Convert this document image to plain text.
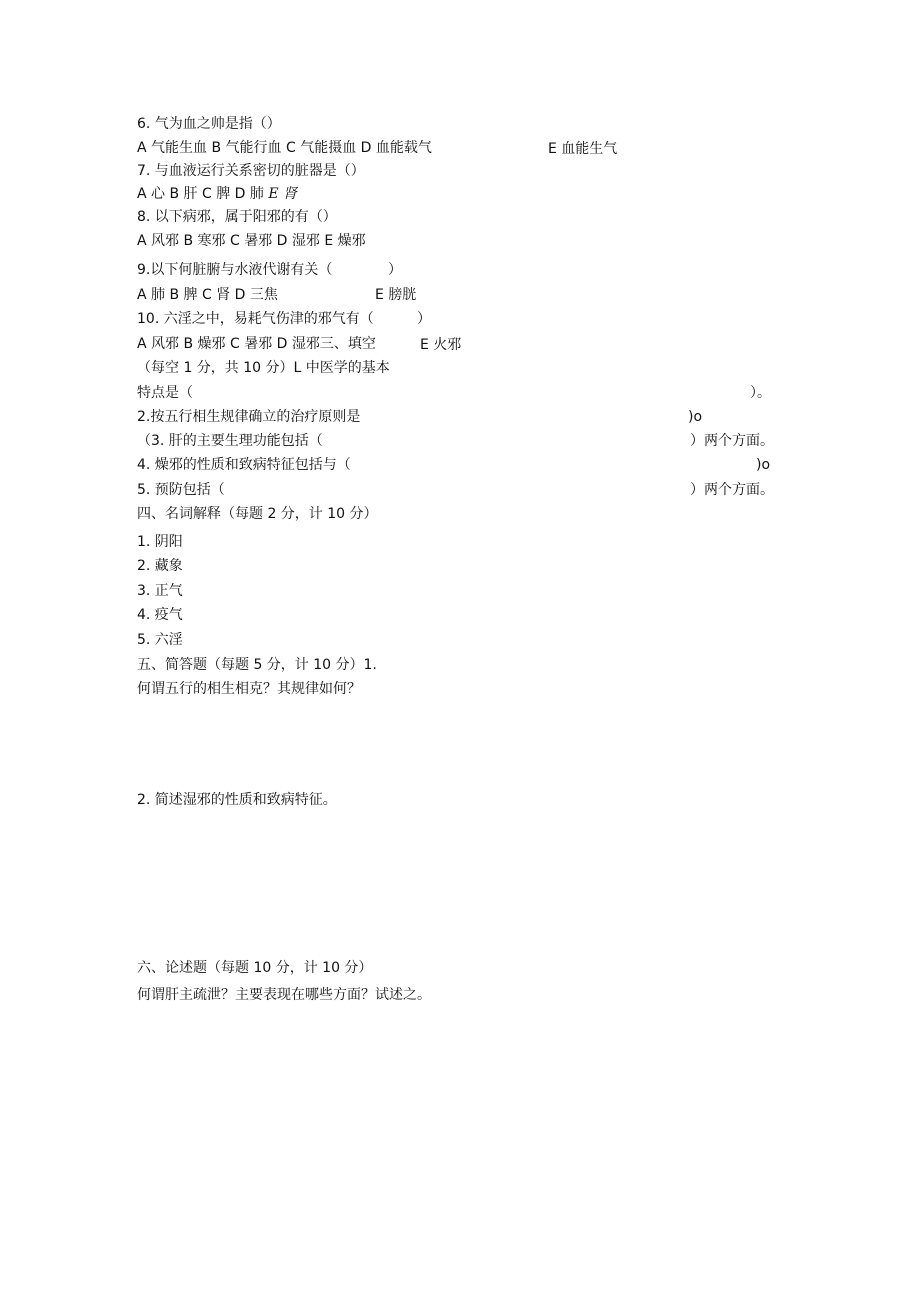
6. 气为血之帅是指（）
A 气能生血 B 气能行血 C 气能摄血 D 血能载气	E 血能生气
7. 与血液运行关系密切的脏器是（）
A 心 B 肝 C 脾 D 肺 E 肾
8. 以下病邪，属于阳邪的有（）
A 风邪 B 寒邪 C 暑邪 D 湿邪 E 燥邪
9.以下何脏腑与水液代谢有关（	）
A 肺 B 脾 C 肾 D 三焦	E 膀胱
10. 六淫之中，易耗气伤津的邪气有（	）
A 风邪 B 燥邪 C 暑邪 D 湿邪三、填空	E 火邪
（每空 1 分，共 10 分）L 中医学的基本
特点是（	）。
2.按五行相生规律确立的治疗原则是	)o
（3. 肝的主要生理功能包括（	）两个方面。
4. 燥邪的性质和致病特征包括与（	)o
5. 预防包括（	）两个方面。
四、名词解释（每题 2 分，计 10 分）
1. 阴阳
2. 藏象
3. 正气
4. 疫气
5. 六淫
五、简答题（每题 5 分，计 10 分）1.
何谓五行的相生相克？其规律如何？
2. 简述湿邪的性质和致病特征。
六、论述题（每题 10 分，计 10 分）
何谓肝主疏泄？主要表现在哪些方面？试述之。
